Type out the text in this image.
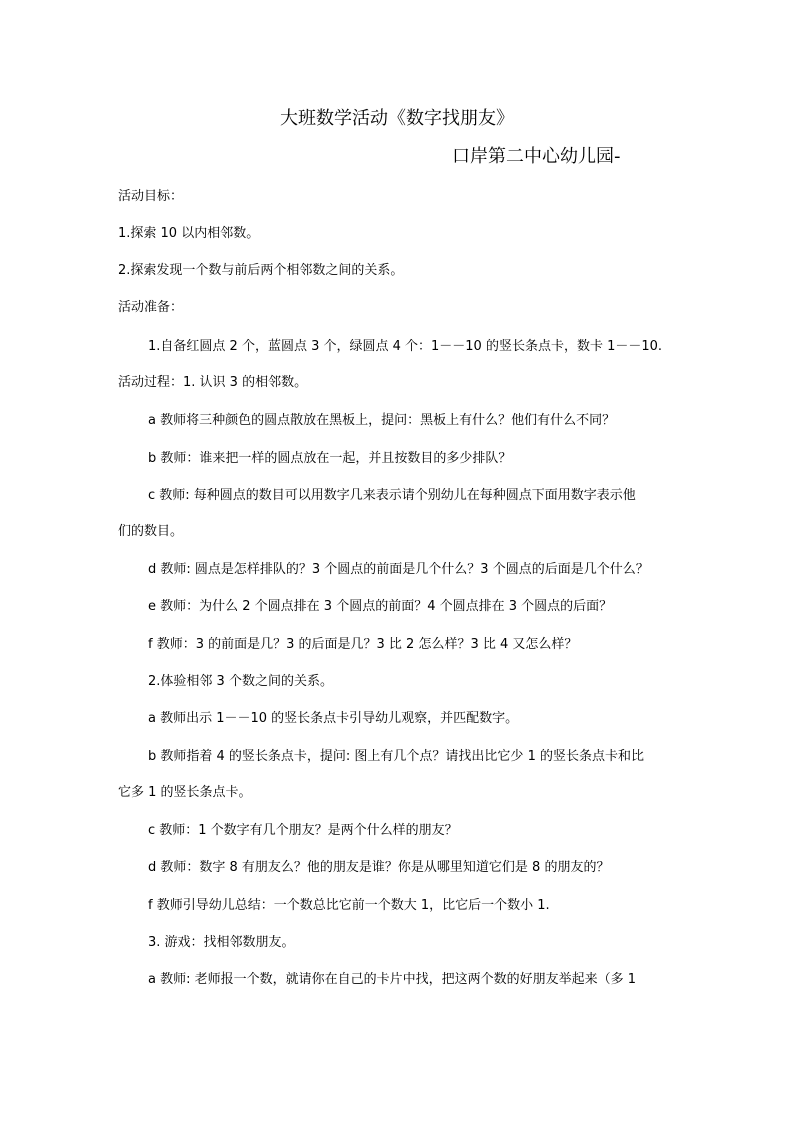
大班数学活动《数字找朋友》
口岸第二中心幼儿园-
活动目标：
1.探索 10 以内相邻数。
2.探索发现一个数与前后两个相邻数之间的关系。
活动准备：
1.自备红圆点 2 个，蓝圆点 3 个，绿圆点 4 个：1－－10 的竖长条点卡，数卡 1－－10.
活动过程：1. 认识 3 的相邻数。
a 教师将三种颜色的圆点散放在黑板上，提问：黑板上有什么？他们有什么不同？
b 教师：谁来把一样的圆点放在一起，并且按数目的多少排队？
c 教师: 每种圆点的数目可以用数字几来表示请个别幼儿在每种圆点下面用数字表示他
们的数目。
d 教师: 圆点是怎样排队的？3 个圆点的前面是几个什么？3 个圆点的后面是几个什么？
e 教师：为什么 2 个圆点排在 3 个圆点的前面？4 个圆点排在 3 个圆点的后面？
f 教师：3 的前面是几？3 的后面是几？3 比 2 怎么样？3 比 4 又怎么样？
2.体验相邻 3 个数之间的关系。
a 教师出示 1－－10 的竖长条点卡引导幼儿观察，并匹配数字。
b 教师指着 4 的竖长条点卡，提问: 图上有几个点？请找出比它少 1 的竖长条点卡和比
它多 1 的竖长条点卡。
c 教师：1 个数字有几个朋友？是两个什么样的朋友？
d 教师：数字 8 有朋友么？他的朋友是谁？你是从哪里知道它们是 8 的朋友的？
f 教师引导幼儿总结：一个数总比它前一个数大 1，比它后一个数小 1.
3. 游戏：找相邻数朋友。
a 教师: 老师报一个数，就请你在自己的卡片中找，把这两个数的好朋友举起来（多 1
